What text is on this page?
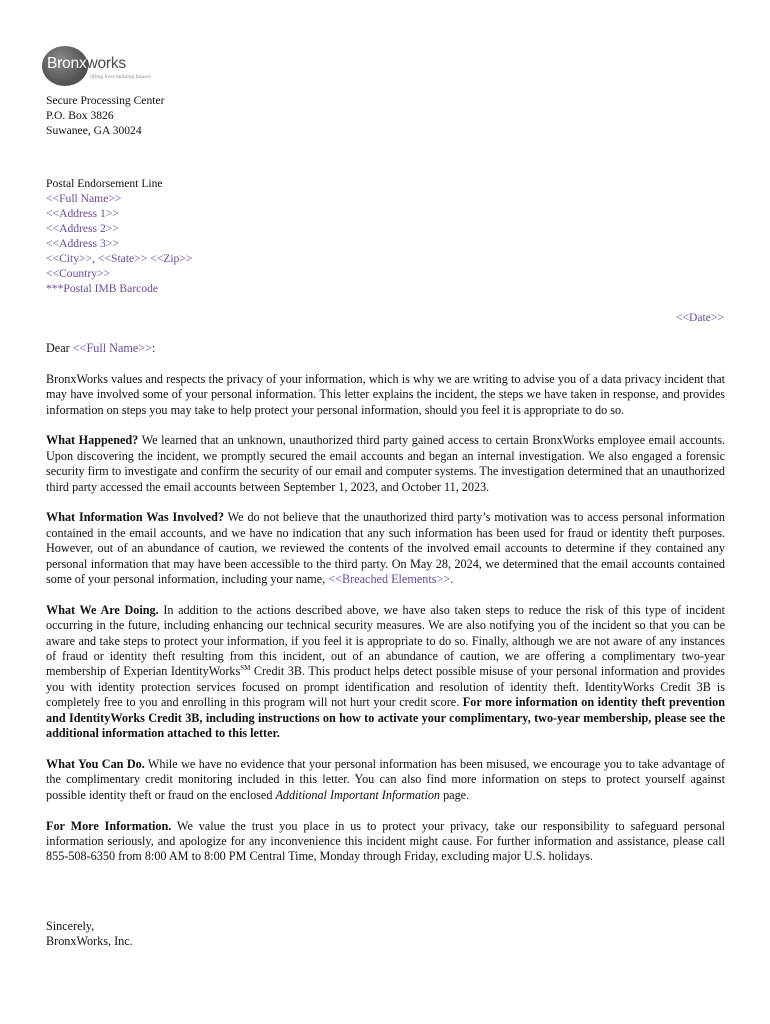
Bronxworks
lifting lives building futures
Secure Processing Center
P.O. Box 3826
Suwanee, GA 30024
Postal Endorsement Line
<<Full Name>>
<<Address 1>>
<<Address 2>>
<<Address 3>>
<<City>>, <<State>> <<Zip>>
<<Country>>
***Postal IMB Barcode
<<Date>>

Dear <<Full Name>>:

BronxWorks values and respects the privacy of your information, which is why we are writing to advise you of a data privacy incident that may have involved some of your personal information. This letter explains the incident, the steps we have taken in response, and provides information on steps you may take to help protect your personal information, should you feel it is appropriate to do so.

What Happened? We learned that an unknown, unauthorized third party gained access to certain BronxWorks employee email accounts. Upon discovering the incident, we promptly secured the email accounts and began an internal investigation. We also engaged a forensic security firm to investigate and confirm the security of our email and computer systems. The investigation determined that an unauthorized third party accessed the email accounts between September 1, 2023, and October 11, 2023.

What Information Was Involved? We do not believe that the unauthorized third party’s motivation was to access personal information contained in the email accounts, and we have no indication that any such information has been used for fraud or identity theft purposes. However, out of an abundance of caution, we reviewed the contents of the involved email accounts to determine if they contained any personal information that may have been accessible to the third party. On May 28, 2024, we determined that the email accounts contained some of your personal information, including your name, <<Breached Elements>>.

What We Are Doing. In addition to the actions described above, we have also taken steps to reduce the risk of this type of incident occurring in the future, including enhancing our technical security measures. We are also notifying you of the incident so that you can be aware and take steps to protect your information, if you feel it is appropriate to do so. Finally, although we are not aware of any instances of fraud or identity theft resulting from this incident, out of an abundance of caution, we are offering a complimentary two-year membership of Experian IdentityWorks℠ Credit 3B. This product helps detect possible misuse of your personal information and provides you with identity protection services focused on prompt identification and resolution of identity theft. IdentityWorks Credit 3B is completely free to you and enrolling in this program will not hurt your credit score. For more information on identity theft prevention and IdentityWorks Credit 3B, including instructions on how to activate your complimentary, two-year membership, please see the additional information attached to this letter.

What You Can Do. While we have no evidence that your personal information has been misused, we encourage you to take advantage of the complimentary credit monitoring included in this letter. You can also find more information on steps to protect yourself against possible identity theft or fraud on the enclosed Additional Important Information page.

For More Information. We value the trust you place in us to protect your privacy, take our responsibility to safeguard personal information seriously, and apologize for any inconvenience this incident might cause. For further information and assistance, please call 855-508-6350 from 8:00 AM to 8:00 PM Central Time, Monday through Friday, excluding major U.S. holidays.

Sincerely,
BronxWorks, Inc.
